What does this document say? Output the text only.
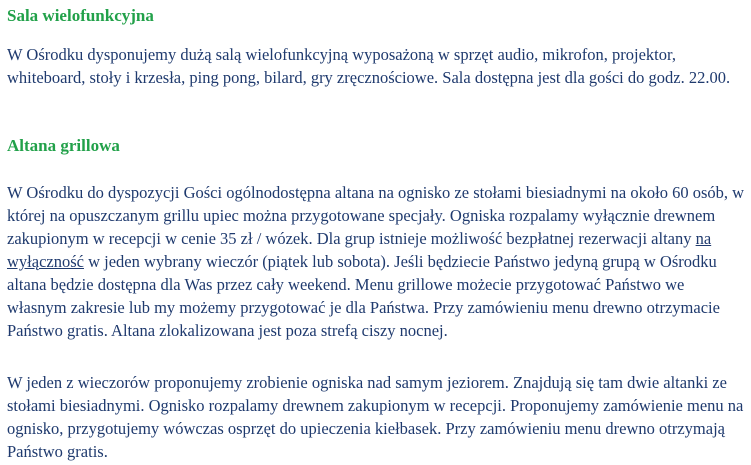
Sala wielofunkcyjna

W Ośrodku dysponujemy dużą salą wielofunkcyjną wyposażoną w sprzęt audio, mikrofon, projektor, whiteboard, stoły i krzesła, ping pong, bilard, gry zręcznościowe. Sala dostępna jest dla gości do godz. 22.00.

Altana grillowa

W Ośrodku do dyspozycji Gości ogólnodostępna altana na ognisko ze stołami biesiadnymi na około 60 osób, w której na opuszczanym grillu upiec można przygotowane specjały. Ogniska rozpalamy wyłącznie drewnem zakupionym w recepcji w cenie 35 zł / wózek. Dla grup istnieje możliwość bezpłatnej rezerwacji altany na wyłączność w jeden wybrany wieczór (piątek lub sobota). Jeśli będziecie Państwo jedyną grupą w Ośrodku altana będzie dostępna dla Was przez cały weekend. Menu grillowe możecie przygotować Państwo we własnym zakresie lub my możemy przygotować je dla Państwa. Przy zamówieniu menu drewno otrzymacie Państwo gratis. Altana zlokalizowana jest poza strefą ciszy nocnej.

W jeden z wieczorów proponujemy zrobienie ogniska nad samym jeziorem. Znajdują się tam dwie altanki ze stołami biesiadnymi. Ognisko rozpalamy drewnem zakupionym w recepcji. Proponujemy zamówienie menu na ognisko, przygotujemy wówczas osprzęt do upieczenia kiełbasek. Przy zamówieniu menu drewno otrzymają Państwo gratis.
